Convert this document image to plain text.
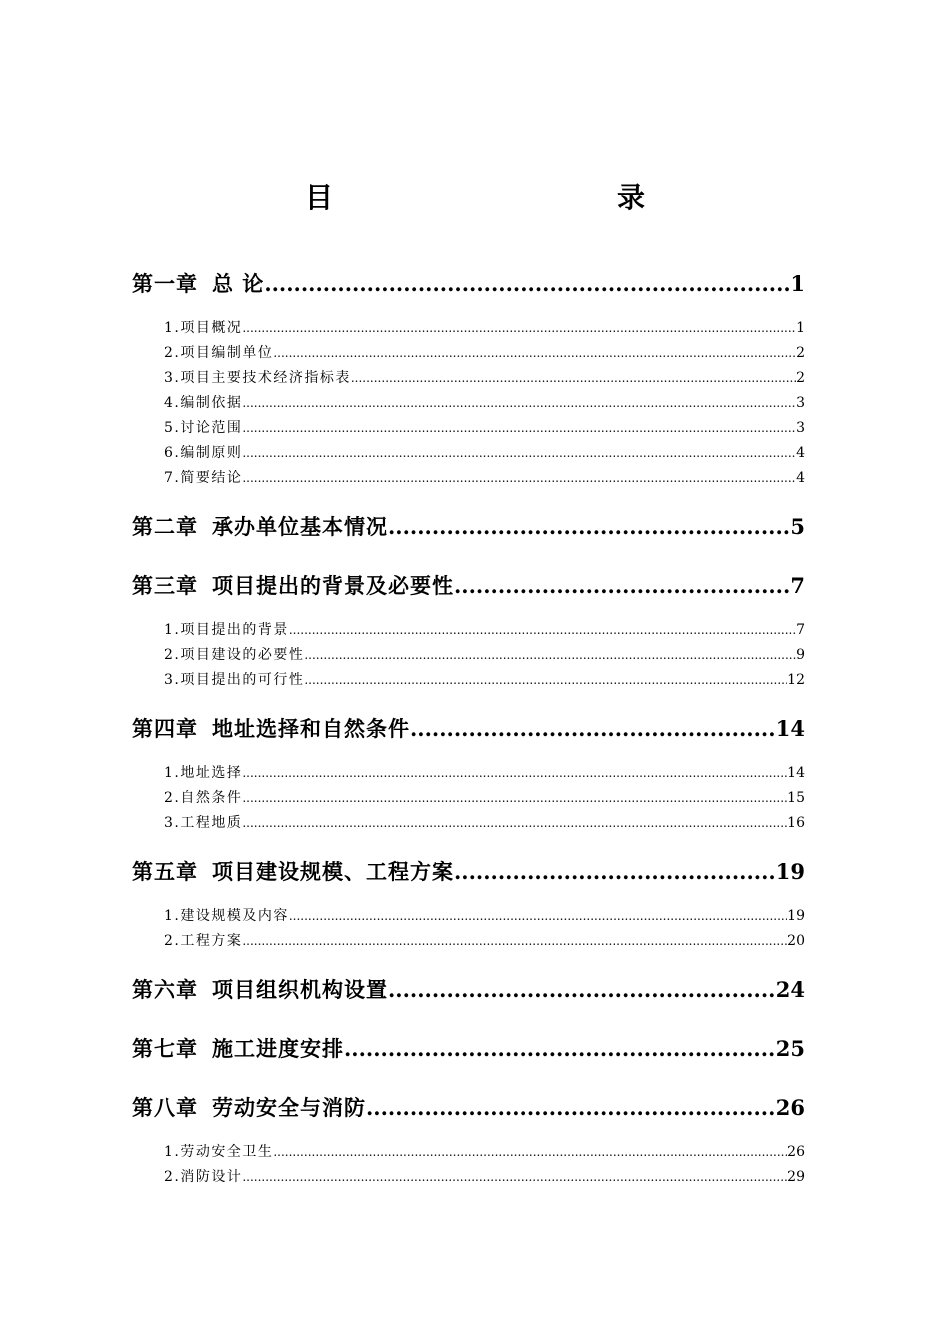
目　　录
第一章 总 论 .....	1
1.项目概况 .....	1
2.项目编制单位 .....	2
3.项目主要技术经济指标表 .....	2
4.编制依据 .....	3
5.讨论范围 .....	3
6.编制原则 .....	4
7.简要结论 .....	4
第二章 承办单位基本情况 .....	5
第三章 项目提出的背景及必要性 .....	7
1.项目提出的背景 .....	7
2.项目建设的必要性 .....	9
3.项目提出的可行性 .....	12
第四章 地址选择和自然条件 .....	14
1.地址选择 .....	14
2.自然条件 .....	15
3.工程地质 .....	16
第五章 项目建设规模、工程方案 .....	19
1.建设规模及内容 .....	19
2.工程方案 .....	20
第六章 项目组织机构设置 .....	24
第七章 施工进度安排 .....	25
第八章 劳动安全与消防 .....	26
1.劳动安全卫生 .....	26
2.消防设计 .....	29
